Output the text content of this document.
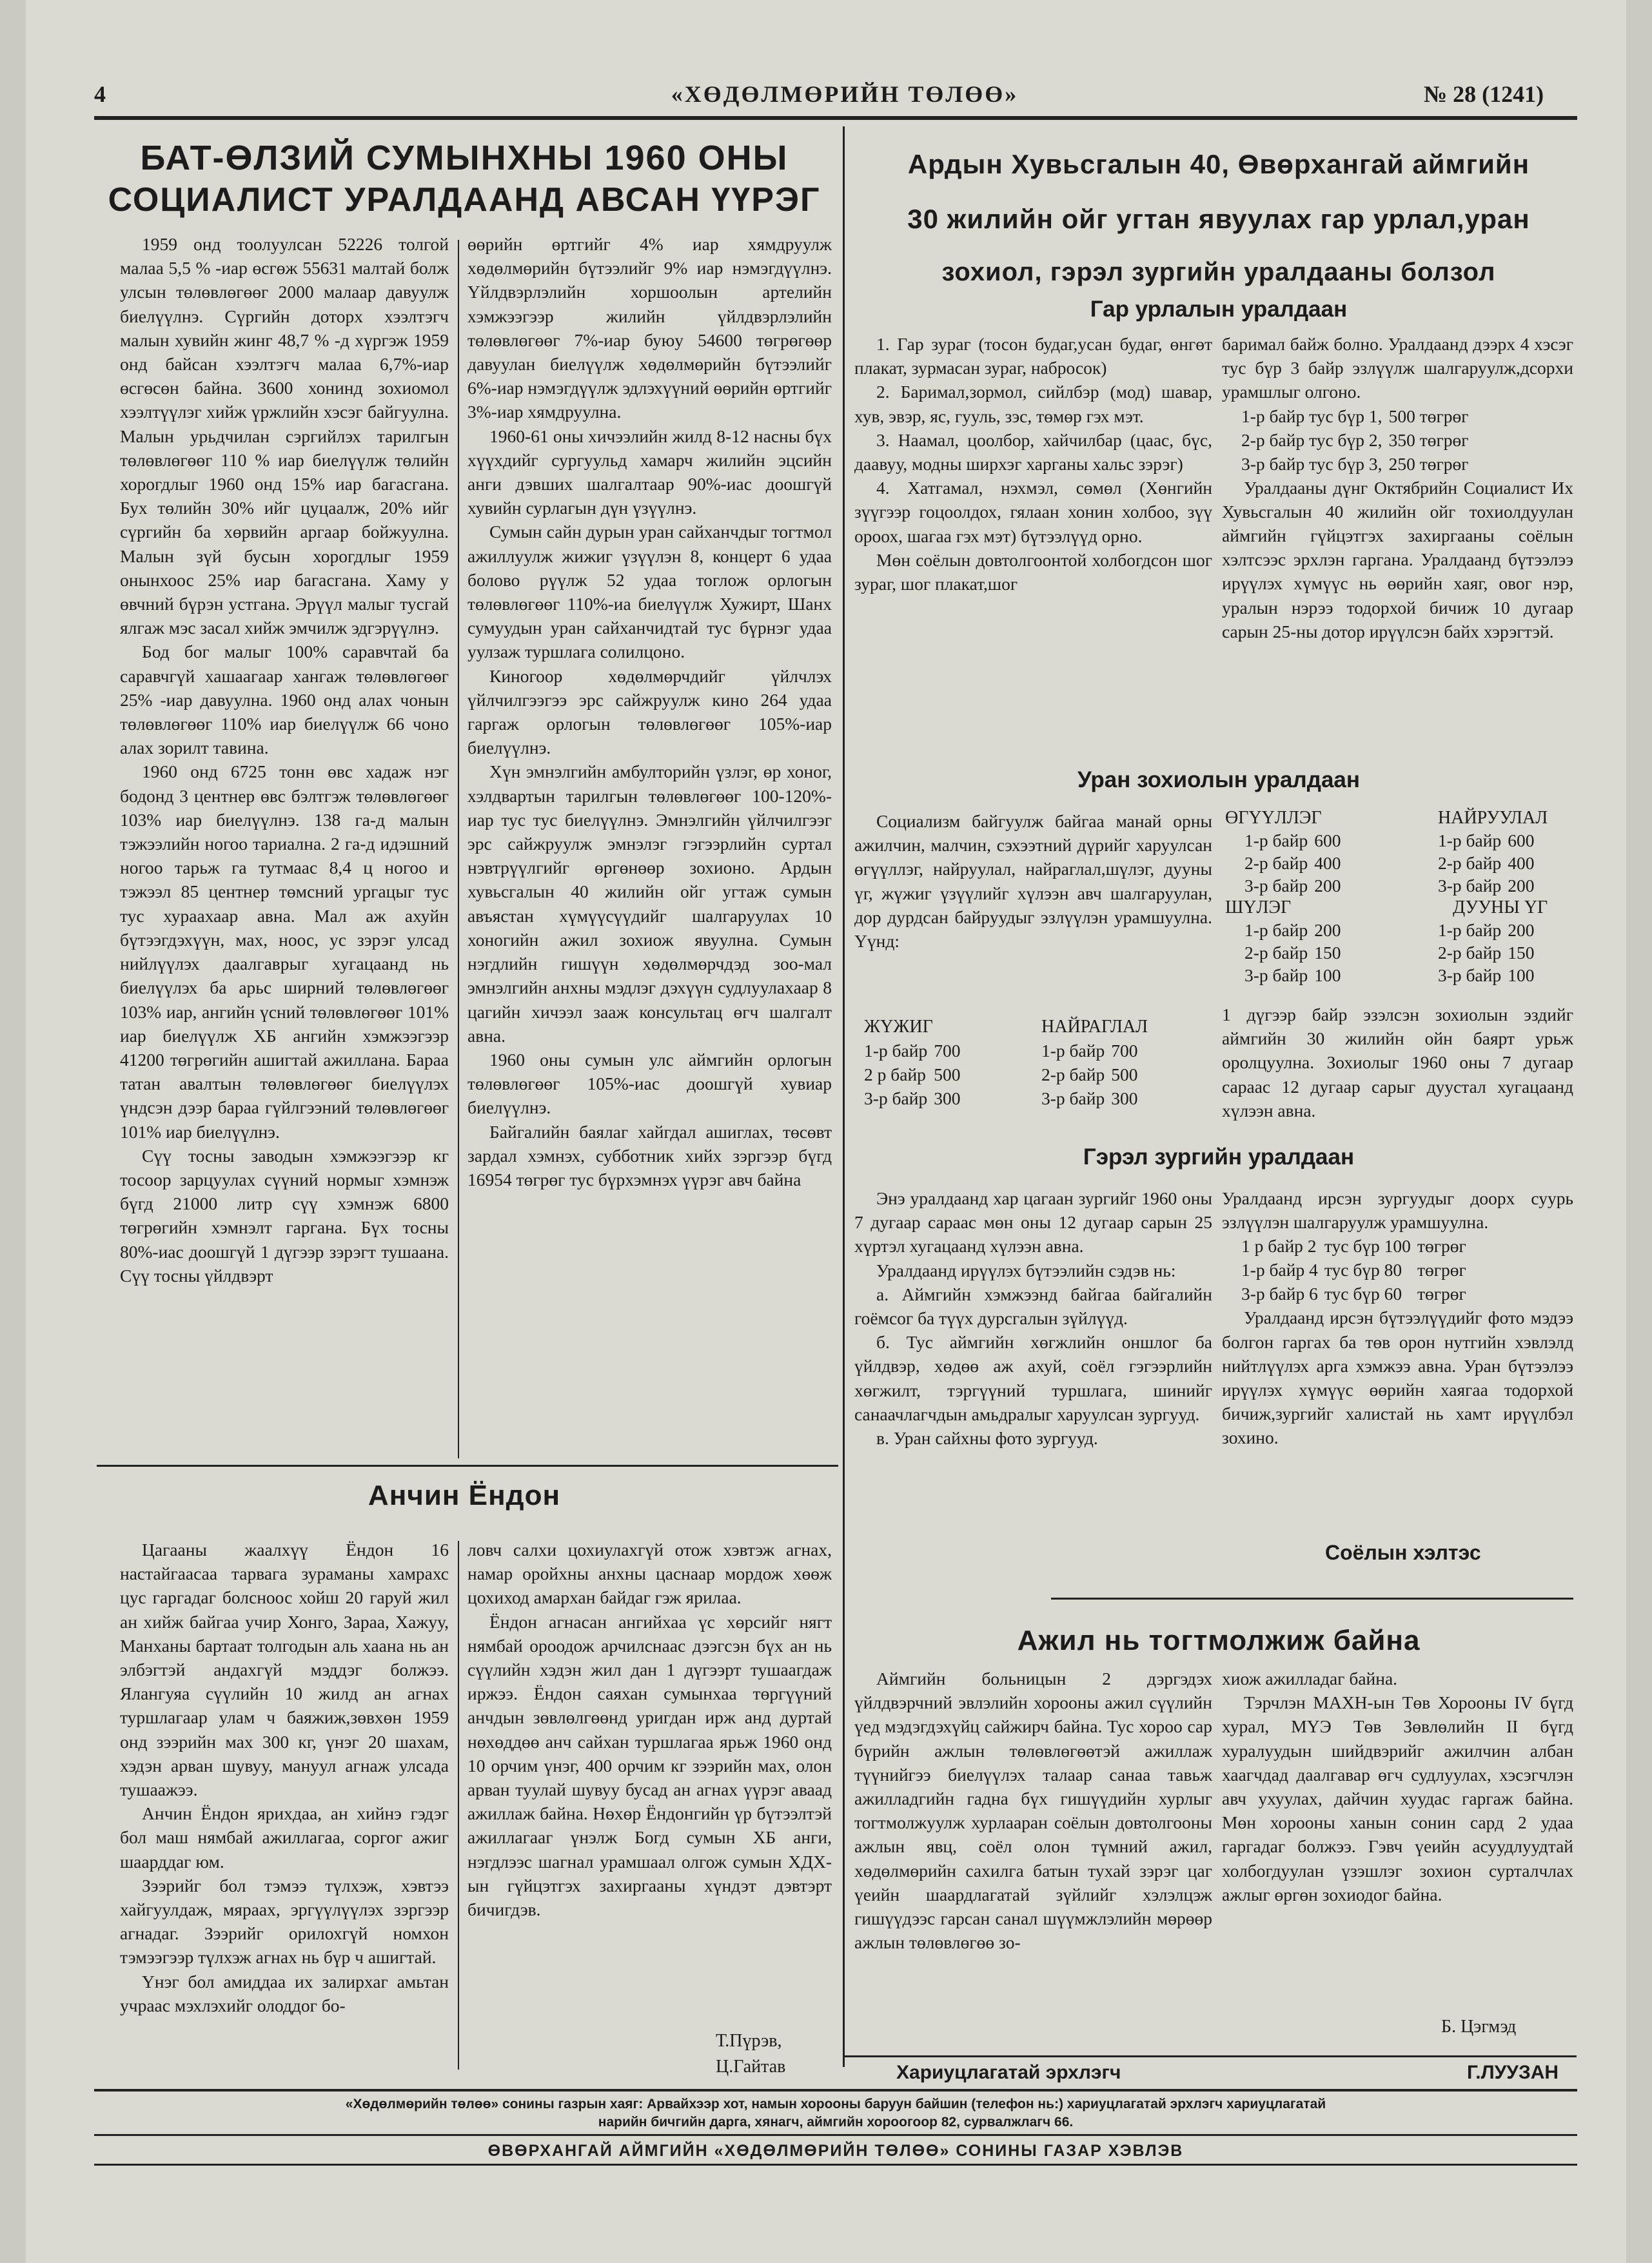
4	«ХӨДӨЛМӨРИЙН ТӨЛӨӨ»	№ 28 (1241)
БАТ-ӨЛЗИЙ СУМЫНХНЫ 1960 ОНЫ
СОЦИАЛИСТ УРАЛДААНД АВСАН ҮҮРЭГ

1959 онд тоолуулсан 52226 толгой малаа 5,5 % -иар өсгөж 55631 малтай болж улсын төлөвлөгөөг 2000 малаар давуулж биелүүлнэ. Сүргийн доторх хээлтэгч малын хувийн жинг 48,7 % -д хүргэж 1959 онд байсан хээлтэгч малаа 6,7%-иар өсгөсөн байна. 3600 хонинд зохиомол хээлтүүлэг хийж үржлийн хэсэг байгуулна. Малын урьдчилан сэргийлэх тарилгын төлөвлөгөөг 110 % иар биелүүлж төлийн хорогдлыг 1960 онд 15% иар багасгана. Бух төлийн 30% ийг цуцаалж, 20% ийг сүргийн ба хөрвийн аргаар бойжуулна. Малын зүй бусын хорогдлыг 1959 онынхоос 25% иар багасгана. Хаму у өвчний бүрэн устгана. Эрүүл малыг тусгай ялгаж мэс засал хийж эмчилж эдгэрүүлнэ.

Бод бог малыг 100% саравчтай ба саравчгүй хашаагаар хангаж төлөвлөгөөг 25% -иар давуулна. 1960 онд алах чонын төлөвлөгөөг 110% иар биелүүлж 66 чоно алах зорилт тавина.

1960 онд 6725 тонн өвс хадаж нэг бодонд 3 центнер өвс бэлтгэж төлөвлөгөөг 103% иар биелүүлнэ. 138 га-д малын тэжээлийн ногоо тариална. 2 га-д идэшний ногоо тарьж га тутмаас 8,4 ц ногоо и тэжээл 85 центнер төмсний ургацыг тус тус хураахаар авна. Мал аж ахуйн бүтээгдэхүүн, мах, ноос, ус зэрэг улсад нийлүүлэх даалгаврыг хугацаанд нь биелүүлэх ба арьс ширний төлөвлөгөөг 103% иар, ангийн үсний төлөвлөгөөг 101% иар биелүүлж ХБ ангийн хэмжээгээр 41200 төгрөгийн ашигтай ажиллана. Бараа татан авалтын төлөвлөгөөг биелүүлэх үндсэн дээр бараа гүйлгээний төлөвлөгөөг 101% иар биелүүлнэ.

Сүү тосны заводын хэмжээгээр кг тосоор зарцуулах сүүний нормыг хэмнэж бүгд 21000 литр сүү хэмнэж 6800 төгрөгийн хэмнэлт гаргана. Бүх тосны 80%-иас доошгүй 1 дүгээр зэрэгт тушаана. Сүү тосны үйлдвэрт

өөрийн өртгийг 4% иар хямдруулж хөдөлмөрийн бүтээлийг 9% иар нэмэгдүүлнэ. Үйлдвэрлэлийн хоршоолын артелийн хэмжээгээр жилийн үйлдвэрлэлийн төлөвлөгөөг 7%-иар буюу 54600 төгрөгөөр давуулан биелүүлж хөдөлмөрийн бүтээлийг 6%-иар нэмэгдүүлж эдлэхүүний өөрийн өртгийг 3%-иар хямдруулна.

1960-61 оны хичээлийн жилд 8-12 насны бүх хүүхдийг сургуульд хамарч жилийн эцсийн анги дэвших шалгалтаар 90%-иас доошгүй хувийн сурлагын дүн үзүүлнэ.

Сумын сайн дурын уран сайханчдыг тогтмол ажиллуулж жижиг үзүүлэн 8, концерт 6 удаа болово рүүлж 52 удаа тоглож орлогын төлөвлөгөөг 110%-иа биелүүлж Хужирт, Шанх сумуудын уран сайханчидтай тус бүрнэг удаа уулзаж туршлага солилцоно.

Киногоор хөдөлмөрчдийг үйлчлэх үйлчилгээгээ эрс сайжруулж кино 264 удаа гаргаж орлогын төлөвлөгөөг 105%-иар биелүүлнэ.

Хүн эмнэлгийн амбулторийн үзлэг, өр хоног, хэлдвартын тарилгын төлөвлөгөөг 100-120%-иар тус тус биелүүлнэ. Эмнэлгийн үйлчилгээг эрс сайжруулж эмнэлэг гэгээрлийн суртал нэвтрүүлгийг өргөнөөр зохионо. Ардын хувьсгалын 40 жилийн ойг угтаж сумын авъястан хүмүүсүүдийг шалгаруулах 10 хоногийн ажил зохиож явуулна. Сумын нэгдлийн гишүүн хөдөлмөрчдэд зоо-мал эмнэлгийн анхны мэдлэг дэхүүн судлуулахаар 8 цагийн хичээл зааж консультац өгч шалгалт авна.

1960 оны сумын улс аймгийн орлогын төлөвлөгөөг 105%-иас доошгүй хувиар биелүүлнэ.

Байгалийн баялаг хайгдал ашиглах, төсөвт зардал хэмнэх, субботник хийх зэргээр бүгд 16954 төгрөг тус бүрхэмнэх үүрэг авч байна

Анчин Ёндон

Цагааны жаалхүү Ёндон 16 настайгаасаа тарвага зураманы хамрахс цус гаргадаг болсноос хойш 20 гаруй жил ан хийж байгаа учир Хонго, Зараа, Хажуу, Манханы бартаат толгодын аль хаана нь ан элбэгтэй андахгүй мэддэг болжээ. Ялангуяа сүүлийн 10 жилд ан агнах туршлагаар улам ч баяжиж,зөвхөн 1959 онд зээрийн мах 300 кг, үнэг 20 шахам, хэдэн арван шувуу, мануул агнаж улсада тушаажээ.

Анчин Ёндон ярихдаа, ан хийнэ гэдэг бол маш нямбай ажиллагаа, соргог ажиг шаарддаг юм.

Зээрийг бол тэмээ түлхэж, хэвтээ хайгуулдаж, мяраах, эргүүлүүлэх зэргээр агнадаг. Зээрийг орилохгүй номхон тэмээгээр түлхэж агнах нь бүр ч ашигтай.

Үнэг бол амиддаа их залирхаг амьтан учраас мэхлэхийг олоддог бо-

ловч салхи цохиулахгүй отож хэвтэж агнах, намар оройхны анхны цаснаар мордож хөөж цохиход амархан байдаг гэж ярилаа.

Ёндон агнасан ангийхаа үс хөрсийг нягт нямбай ороодож арчилснаас дээгсэн бүх ан нь сүүлийн хэдэн жил дан 1 дүгээрт тушаагдаж иржээ. Ёндон саяхан сумынхаа төргүүний анчдын зөвлөлгөөнд уригдан ирж анд дуртай нөхөддөө анч сайхан туршлагаа ярьж 1960 онд 10 орчим үнэг, 400 орчим кг зээрийн мах, олон арван туулай шувуу бусад ан агнах үүрэг аваад ажиллаж байна. Нөхөр Ёндонгийн үр бүтээлтэй ажиллагааг үнэлж Богд сумын ХБ анги, нэгдлээс шагнал урамшаал олгож сумын ХДХ-ын гүйцэтгэх захиргааны хүндэт дэвтэрт бичигдэв.

Т.Пүрэв,
Ц.Гайтав
Ардын Хувьсгалын 40, Өвөрхангай аймгийн
30 жилийн ойг угтан явуулах гар урлал,уран
зохиол, гэрэл зургийн уралдааны болзол
Гар урлалын уралдаан

1. Гар зураг (тосон будаг,усан будаг, өнгөт плакат, зурмасан зураг, набросок)

2. Баримал,зормол, сийлбэр (мод) шавар, хув, эвэр, яс, гууль, зэс, төмөр гэх мэт.

3. Наамал, цоолбор, хайчилбар (цаас, бүс, даавуу, модны ширхэг харганы хальс зэрэг)

4. Хатгамал, нэхмэл, сөмөл (Хөнгийн зүүгээр гоцоолдох, гялаан хонин холбоо, зүү ороох, шагаа гэх мэт) бүтээлүүд орно.

Мөн соёлын довтолгоонтой холбогдсон шог зураг, шог плакат,шог

баримал байж болно. Уралдаанд дээрх 4 хэсэг тус бүр 3 байр эзлүүлж шалгаруулж,дсорхи урамшлыг олгоно.

1-р байр тус бүр 1,	500 төгрөг
2-р байр тус бүр 2,	350 төгрөг
3-р байр тус бүр 3,	250 төгрөг

Уралдааны дүнг Октябрийн Социалист Их Хувьсгалын 40 жилийн ойг тохиолдуулан аймгийн гүйцэтгэх захиргааны соёлын хэлтсээс эрхлэн гаргана. Уралдаанд бүтээлээ ирүүлэх хүмүүс нь өөрийн хаяг, овог нэр, уралын нэрээ тодорхой бичиж 10 дугаар сарын 25-ны дотор ирүүлсэн байх хэрэгтэй.

Уран зохиолын уралдаан

Социализм байгуулж байгаа манай орны ажилчин, малчин, сэхээтний дүрийг харуулсан өгүүллэг, найруулал, найраглал,шүлэг, дууны үг, жүжиг үзүүлийг хүлээн авч шалгаруулан, дор дурдсан байруудыг эзлүүлэн урамшуулна. Үүнд:

ЖҮЖИГ
1-р байр	700
2 р байр	500
3-р байр	300
НАЙРАГЛАЛ
1-р байр	700
2-р байр	500
3-р байр	300
ӨГҮҮЛЛЭГ
1-р байр	600
2-р байр	400
3-р байр	200
ШҮЛЭГ
1-р байр	200
2-р байр	150
3-р байр	100
НАЙРУУЛАЛ
1-р байр	600
2-р байр	400
3-р байр	200
ДУУНЫ ҮГ
1-р байр	200
2-р байр	150
3-р байр	100

1 дүгээр байр эзэлсэн зохиолын эздийг аймгийн 30 жилийн ойн баярт урьж оролцуулна. Зохиолыг 1960 оны 7 дугаар сараас 12 дугаар сарыг дуустал хугацаанд хүлээн авна.

Гэрэл зургийн уралдаан

Энэ уралдаанд хар цагаан зургийг 1960 оны 7 дугаар сараас мөн оны 12 дугаар сарын 25 хүртэл хугацаанд хүлээн авна.

Уралдаанд ирүүлэх бүтээлийн сэдэв нь:

а. Аймгийн хэмжээнд байгаа байгалийн гоёмсог ба түүх дурсгалын зүйлүүд.

б. Тус аймгийн хөгжлийн оншлог ба үйлдвэр, хөдөө аж ахуй, соёл гэгээрлийн хөгжилт, тэргүүний туршлага, шинийг санаачлагчдын амьдралыг харуулсан зургууд.

в. Уран сайхны фото зургууд.

Уралдаанд ирсэн зургуудыг доорх суурь эзлүүлэн шалгаруулж урамшуулна.

1 р байр 2	тус бүр 100	төгрөг
1-р байр 4	тус бүр 80	төгрөг
3-р байр 6	тус бүр 60	төгрөг

Уралдаанд ирсэн бүтээлүүдийг фото мэдээ болгон гаргах ба төв орон нутгийн хэвлэлд нийтлүүлэх арга хэмжээ авна. Уран бүтээлээ ирүүлэх хүмүүс өөрийн хаягаа тодорхой бичиж,зургийг халистай нь хамт ирүүлбэл зохино.

Соёлын хэлтэс
Ажил нь тогтмолжиж байна

Аймгийн больницын 2 дэргэдэх үйлдвэрчний эвлэлийн хорооны ажил сүүлийн үед мэдэгдэхүйц сайжирч байна. Тус хороо сар бүрийн ажлын төлөвлөгөөтэй ажиллаж түүнийгээ биелүүлэх талаар санаа тавьж ажилладгийн гадна бүх гишүүдийн хурлыг тогтмолжуулж хурлааран соёлын довтолгооны ажлын явц, соёл олон түмний ажил, хөдөлмөрийн сахилга батын тухай зэрэг цаг үеийн шаардлагатай зүйлийг хэлэлцэж гишүүдээс гарсан санал шүүмжлэлийн мөрөөр ажлын төлөвлөгөө зо-

хиож ажилладаг байна.

Тэрчлэн МАХН-ын Төв Хорооны IV бүгд хурал, МҮЭ Төв Зөвлөлийн II бүгд хуралуудын шийдвэрийг ажилчин албан хаагчдад даалгавар өгч судлуулах, хэсэгчлэн авч ухуулах, дайчин хуудас гаргаж байна. Мөн хорооны ханын сонин сард 2 удаа гаргадаг болжээ. Гэвч үеийн асуудлуудтай холбогдуулан үзэшлэг зохион сурталчлах ажлыг өргөн зохиодог байна.

Б. Цэгмэд
Хариуцлагатай эрхлэгч	Г.ЛУУЗАН
«Хөдөлмөрийн төлөө» сонины газрын хаяг: Арвайхээр хот, намын хорооны баруун байшин (телефон нь:) хариуцлагатай эрхлэгч хариуцлагатай
нарийн бичгийн дарга, хянагч, аймгийн хороогоор 82, сурвалжлагч 66.
ӨВӨРХАНГАЙ АЙМГИЙН «ХӨДӨЛМӨРИЙН ТӨЛӨӨ» СОНИНЫ ГАЗАР ХЭВЛЭВ
